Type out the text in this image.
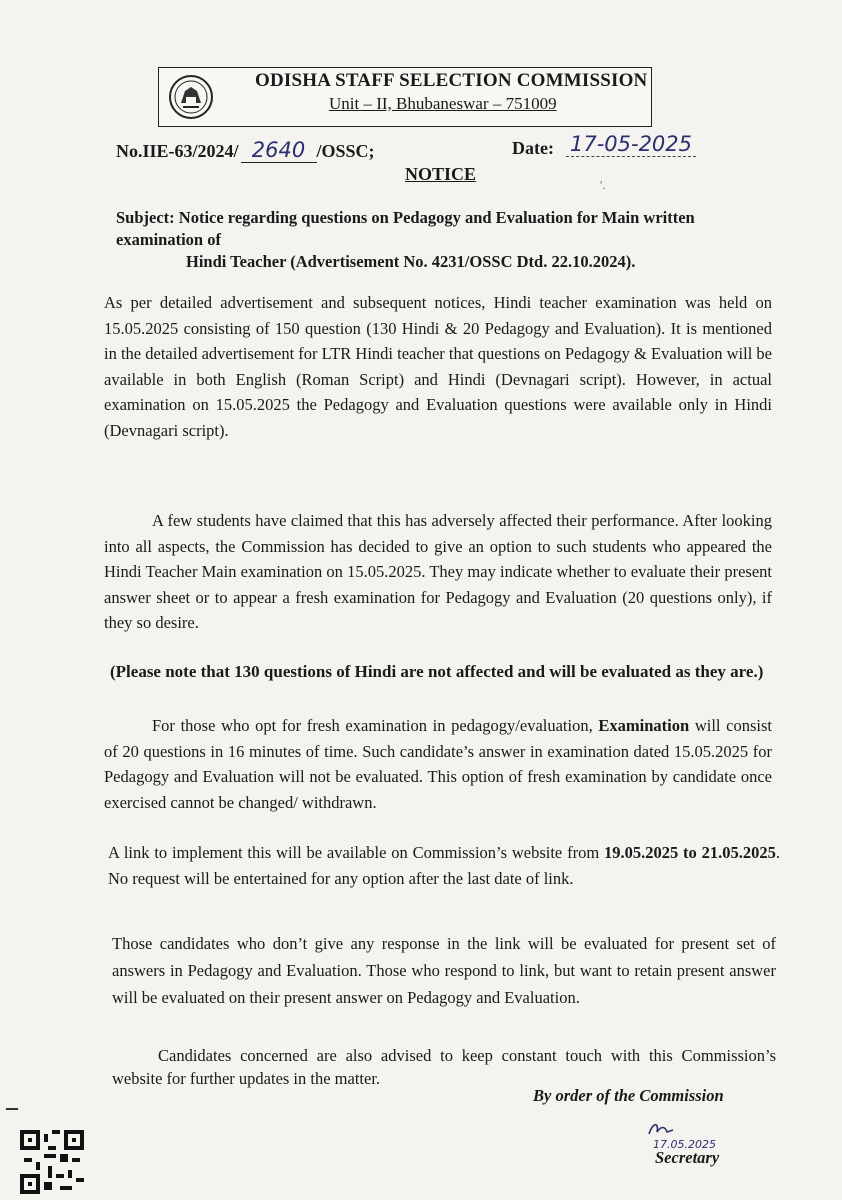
ODISHA STAFF SELECTION COMMISSION
Unit – II, Bhubaneswar – 751009
No.IIE-63/2024/ 2640 /OSSC;	Date: 17-05-2025
ʹ.
NOTICE
Subject: Notice regarding questions on Pedagogy and Evaluation for Main written examination of
Hindi Teacher (Advertisement No. 4231/OSSC Dtd. 22.10.2024).
As per detailed advertisement and subsequent notices, Hindi teacher examination was held on 15.05.2025 consisting of 150 question (130 Hindi & 20 Pedagogy and Evaluation). It is mentioned in the detailed advertisement for LTR Hindi teacher that questions on Pedagogy & Evaluation will be available in both English (Roman Script) and Hindi (Devnagari script). However, in actual examination on 15.05.2025 the Pedagogy and Evaluation questions were available only in Hindi (Devnagari script).
A few students have claimed that this has adversely affected their performance. After looking into all aspects, the Commission has decided to give an option to such students who appeared the Hindi Teacher Main examination on 15.05.2025. They may indicate whether to evaluate their present answer sheet or to appear a fresh examination for Pedagogy and Evaluation (20 questions only), if they so desire.
(Please note that 130 questions of Hindi are not affected and will be evaluated as they are.)
For those who opt for fresh examination in pedagogy/evaluation, Examination will consist of 20 questions in 16 minutes of time. Such candidate’s answer in examination dated 15.05.2025 for Pedagogy and Evaluation will not be evaluated. This option of fresh examination by candidate once exercised cannot be changed/ withdrawn.
A link to implement this will be available on Commission’s website from 19.05.2025 to 21.05.2025. No request will be entertained for any option after the last date of link.
Those candidates who don’t give any response in the link will be evaluated for present set of answers in Pedagogy and Evaluation. Those who respond to link, but want to retain present answer will be evaluated on their present answer on Pedagogy and Evaluation.
Candidates concerned are also advised to keep constant touch with this Commission’s website for further updates in the matter.
By order of the Commission
17.05.2025
Secretary
